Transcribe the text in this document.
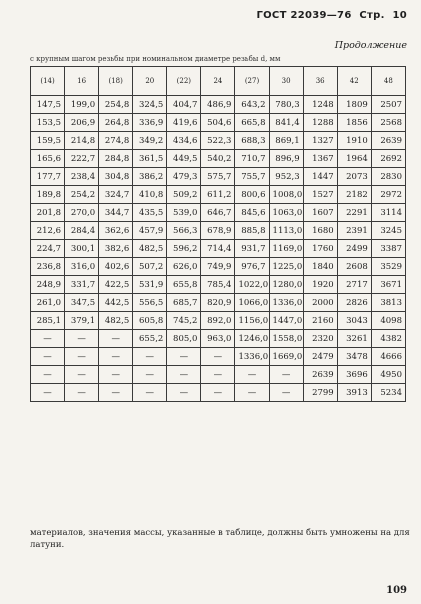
ГОСТ 22039—76 Стр. 10
Продолжение
с крупным шагом резьбы при номинальном диаметре резьбы d, мм
(14)	16	(18)	20	(22)	24	(27)	30	36	42	48
147,5	199,0	254,8	324,5	404,7	486,9	643,2	780,3	1248	1809	2507
153,5	206,9	264,8	336,9	419,6	504,6	665,8	841,4	1288	1856	2568
159,5	214,8	274,8	349,2	434,6	522,3	688,3	869,1	1327	1910	2639
165,6	222,7	284,8	361,5	449,5	540,2	710,7	896,9	1367	1964	2692
177,7	238,4	304,8	386,2	479,3	575,7	755,7	952,3	1447	2073	2830
189,8	254,2	324,7	410,8	509,2	611,2	800,6	1008,0	1527	2182	2972
201,8	270,0	344,7	435,5	539,0	646,7	845,6	1063,0	1607	2291	3114
212,6	284,4	362,6	457,9	566,3	678,9	885,8	1113,0	1680	2391	3245
224,7	300,1	382,6	482,5	596,2	714,4	931,7	1169,0	1760	2499	3387
236,8	316,0	402,6	507,2	626,0	749,9	976,7	1225,0	1840	2608	3529
248,9	331,7	422,5	531,9	655,8	785,4	1022,0	1280,0	1920	2717	3671
261,0	347,5	442,5	556,5	685,7	820,9	1066,0	1336,0	2000	2826	3813
285,1	379,1	482,5	605,8	745,2	892,0	1156,0	1447,0	2160	3043	4098
—	—	—	655,2	805,0	963,0	1246,0	1558,0	2320	3261	4382
—	—	—	—	—	—	1336,0	1669,0	2479	3478	4666
—	—	—	—	—	—	—	—	2639	3696	4950
—	—	—	—	—	—	—	—	2799	3913	5234
материалов, значения массы, указанные в таблице, должны быть умножены на для латуни.
109
